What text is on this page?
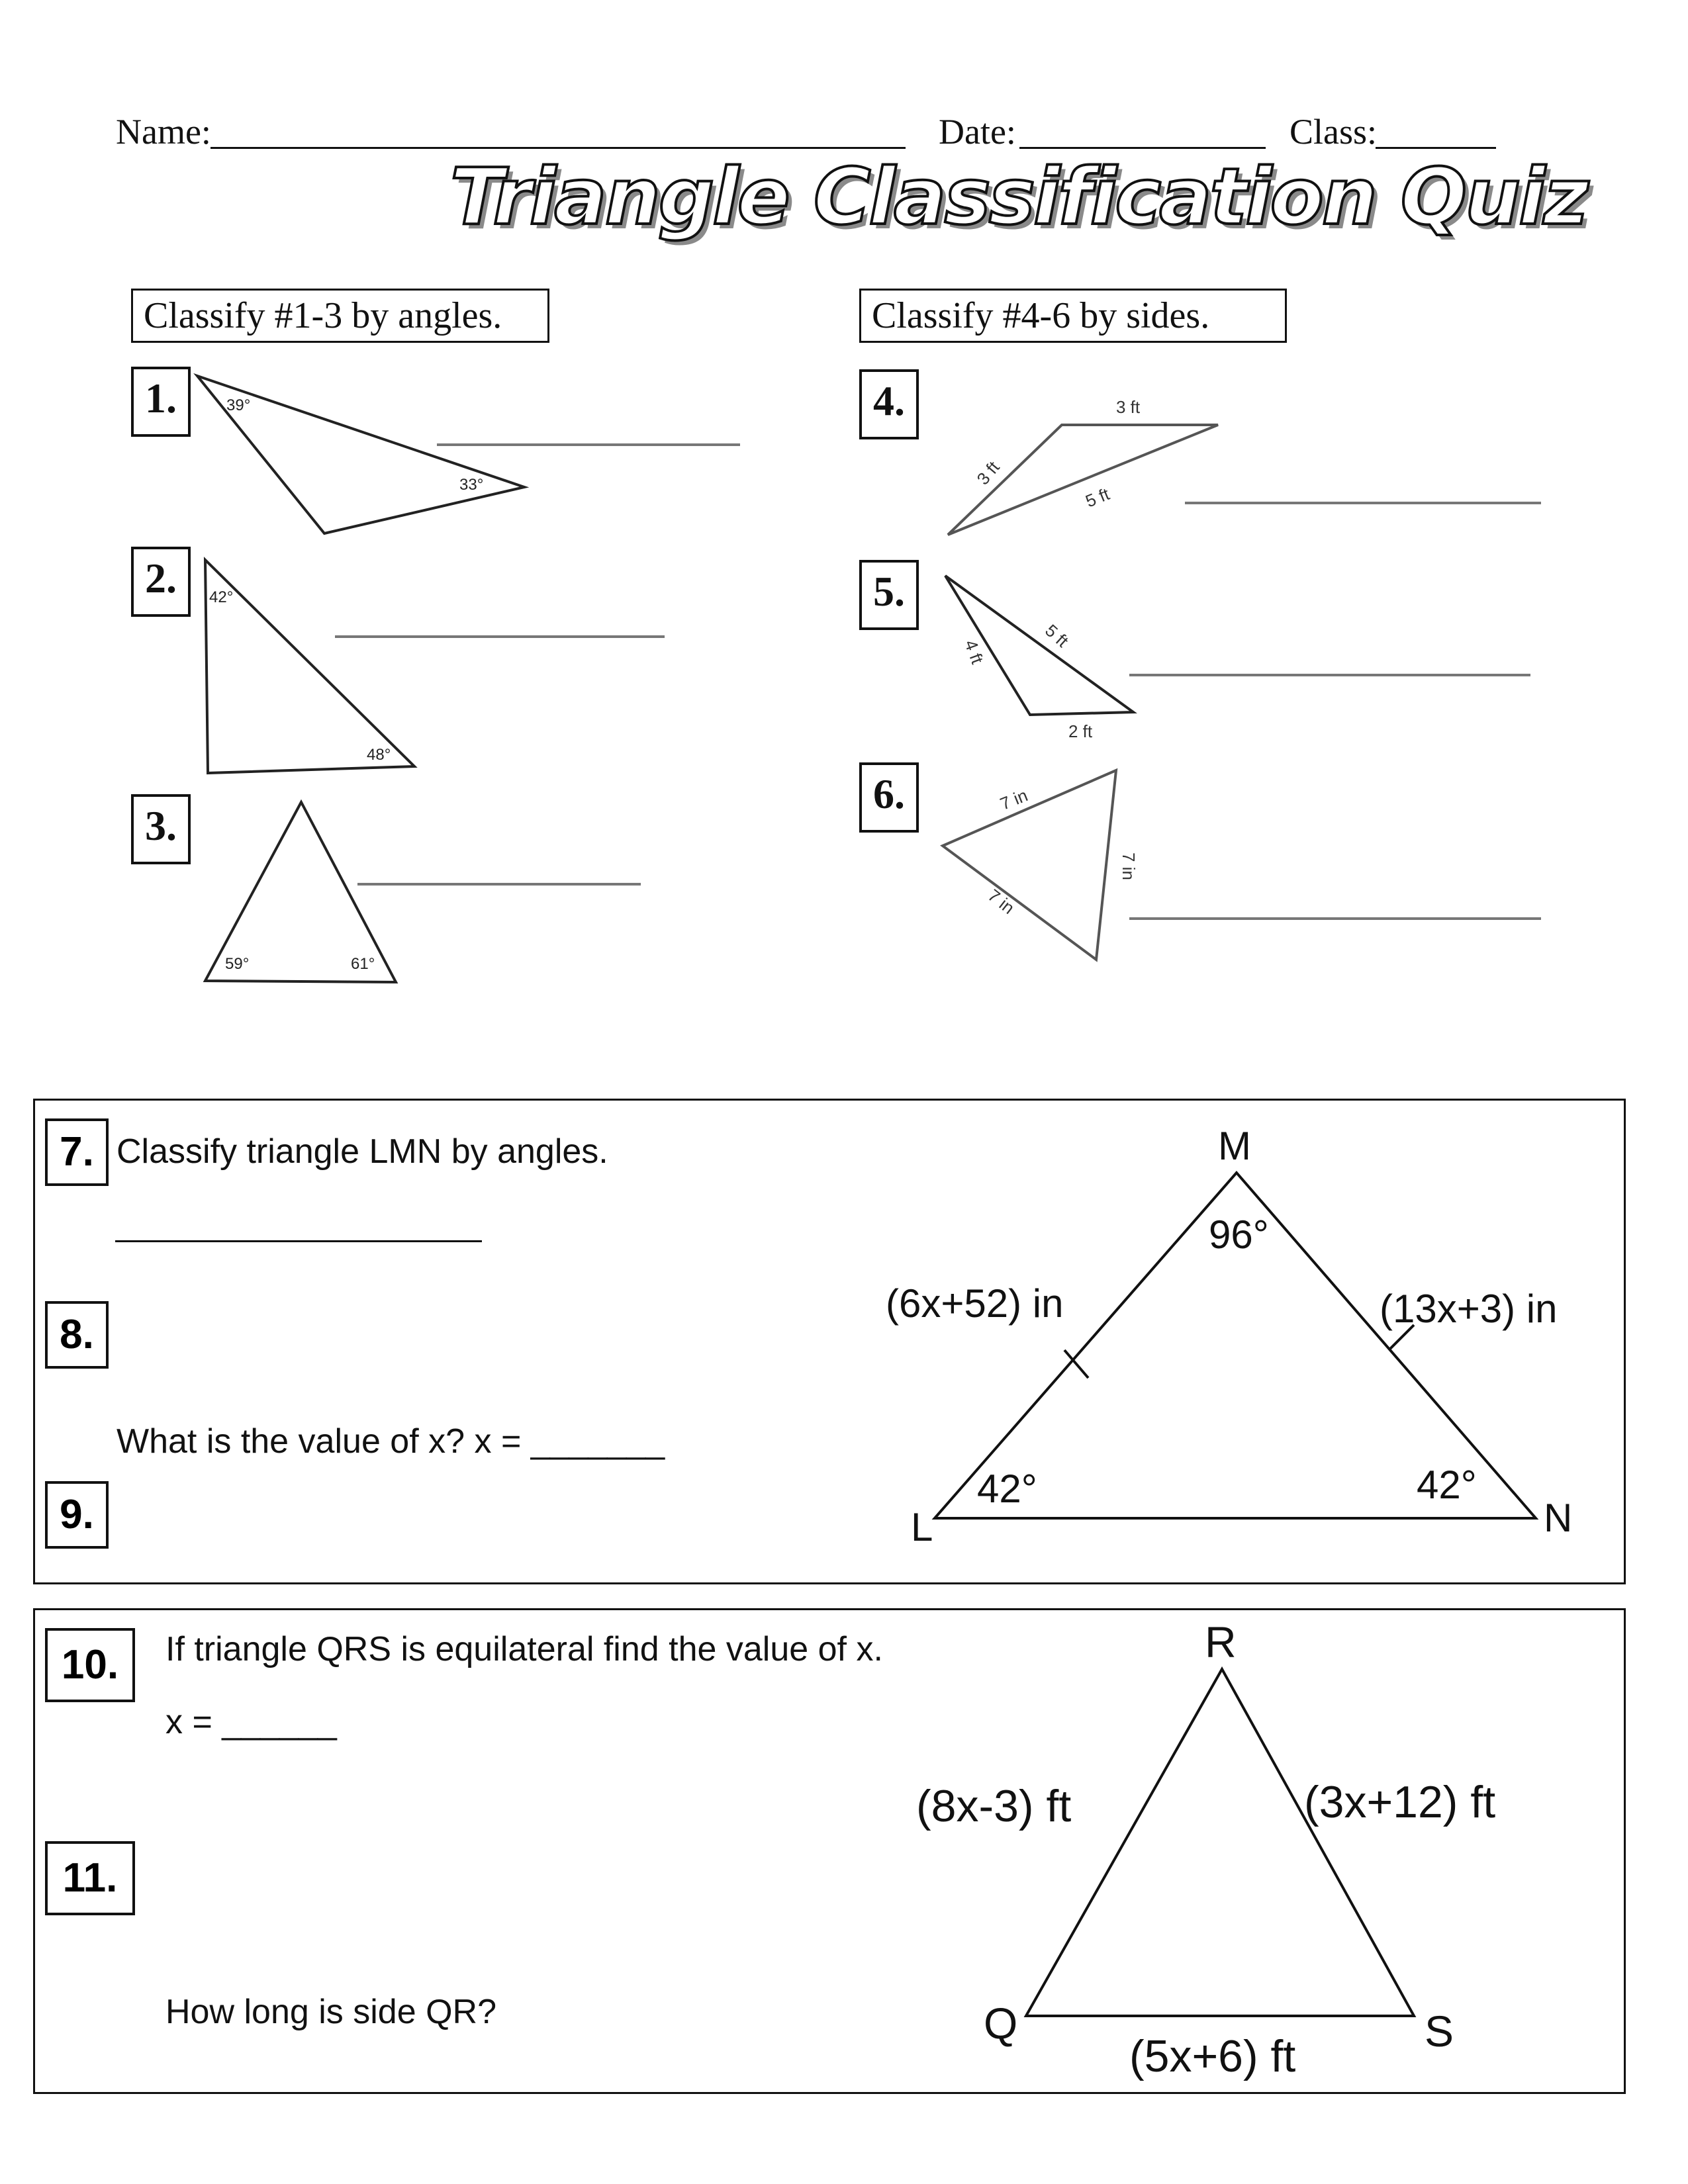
Name:	Date:	Class:
Triangle Classification Quiz
Classify #1-3 by angles.	Classify #4-6 by sides.
1.
2.
3.
4.
5.
6.
39°
33°
42°
48°
59°	61°
3 ft
3 ft
5 ft
4 ft
5 ft
2 ft
7 in
7 in
7 in
7. Classify triangle LMN by angles.
8.
What is the value of x? x = _______
9.
M
L	N
96°
42°	42°
(6x+52) in	(13x+3) in
10.	If triangle QRS is equilateral find the value of x.
x = ______
11.
How long is side QR?
R
Q	S
(8x-3) ft	(3x+12) ft
(5x+6) ft
